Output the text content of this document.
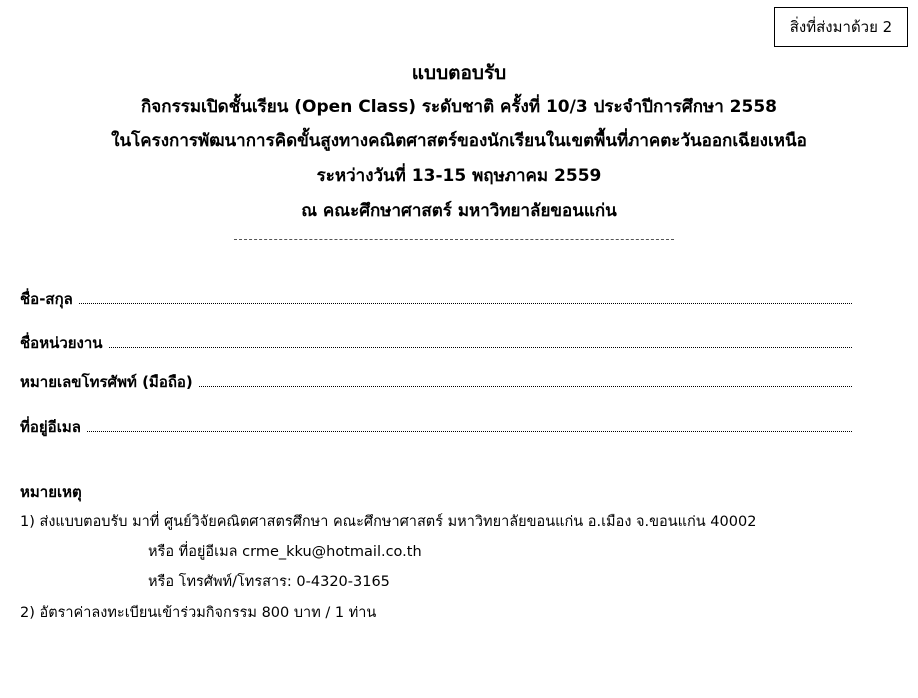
สิ่งที่ส่งมาด้วย 2
แบบตอบรับ
กิจกรรมเปิดชั้นเรียน (Open Class) ระดับชาติ ครั้งที่ 10/3 ประจำปีการศึกษา 2558
ในโครงการพัฒนาการคิดขั้นสูงทางคณิตศาสตร์ของนักเรียนในเขตพื้นที่ภาคตะวันออกเฉียงเหนือ
ระหว่างวันที่ 13-15 พฤษภาคม 2559
ณ คณะศึกษาศาสตร์ มหาวิทยาลัยขอนแก่น
ชื่อ-สกุล
ชื่อหน่วยงาน
หมายเลขโทรศัพท์ (มือถือ)
ที่อยู่อีเมล
หมายเหตุ
1) ส่งแบบตอบรับ มาที่ ศูนย์วิจัยคณิตศาสตรศึกษา คณะศึกษาศาสตร์ มหาวิทยาลัยขอนแก่น อ.เมือง จ.ขอนแก่น 40002
หรือ ที่อยู่อีเมล crme_kku@hotmail.co.th
หรือ โทรศัพท์/โทรสาร: 0-4320-3165
2) อัตราค่าลงทะเบียนเข้าร่วมกิจกรรม 800 บาท / 1 ท่าน
